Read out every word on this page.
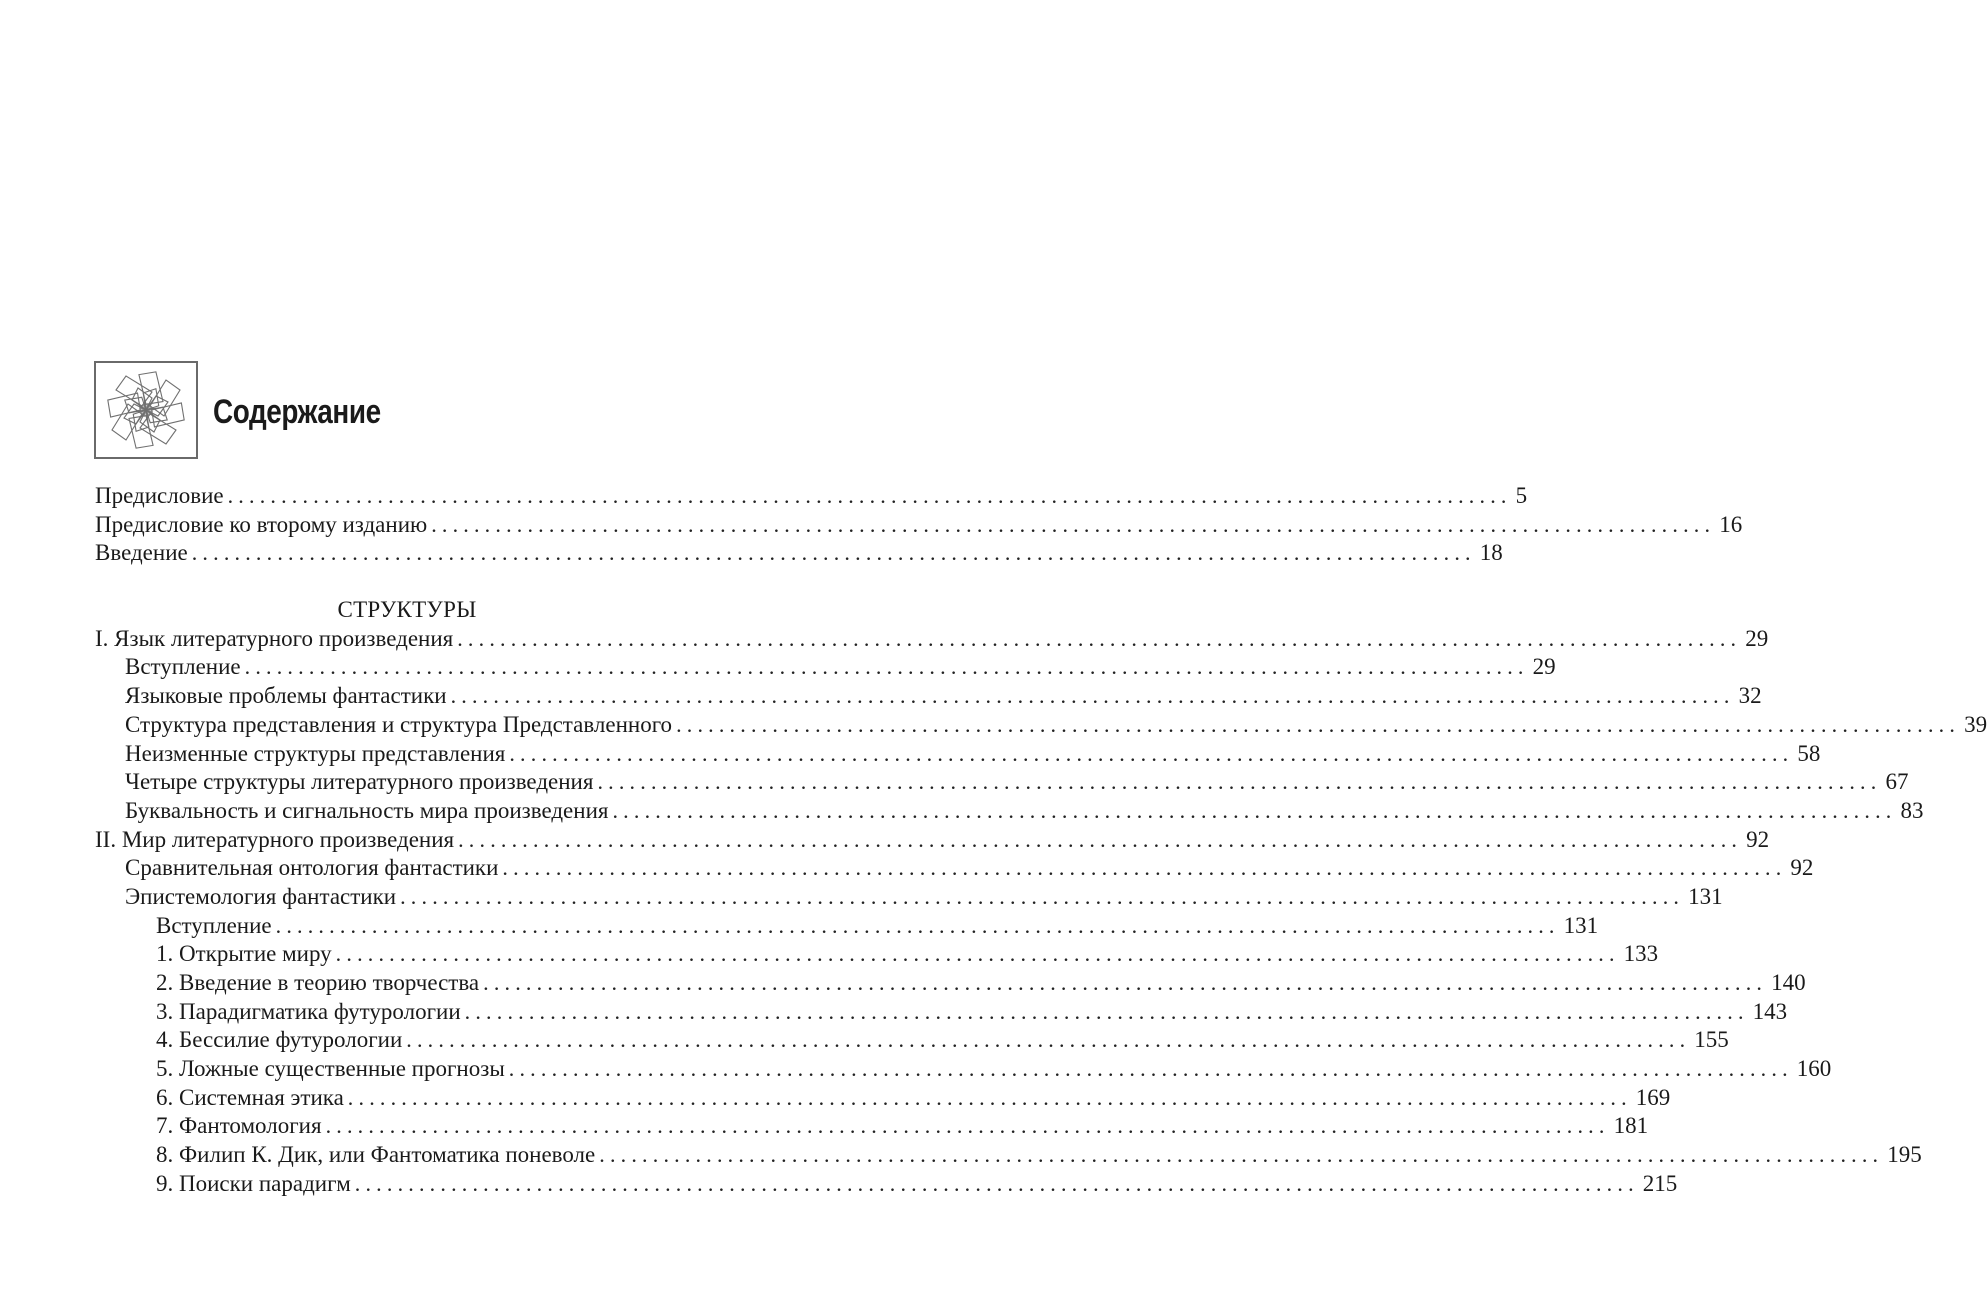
Содержание
Предисловие ........................................................................................................................ 5
Предисловие ко второму изданию ........................................................................................................................ 16
Введение ........................................................................................................................ 18
СТРУКТУРЫ
I. Язык литературного произведения ........................................................................................................................ 29
Вступление ........................................................................................................................ 29
Языковые проблемы фантастики ........................................................................................................................ 32
Структура представления и структура Представленного ........................................................................................................................ 39
Неизменные структуры представления ........................................................................................................................ 58
Четыре структуры литературного произведения ........................................................................................................................ 67
Буквальность и сигнальность мира произведения ........................................................................................................................ 83
II. Мир литературного произведения ........................................................................................................................ 92
Сравнительная онтология фантастики ........................................................................................................................ 92
Эпистемология фантастики ........................................................................................................................ 131
Вступление ........................................................................................................................ 131
1. Открытие миру ........................................................................................................................ 133
2. Введение в теорию творчества ........................................................................................................................ 140
3. Парадигматика футурологии ........................................................................................................................ 143
4. Бессилие футурологии ........................................................................................................................ 155
5. Ложные существенные прогнозы ........................................................................................................................ 160
6. Системная этика ........................................................................................................................ 169
7. Фантомология ........................................................................................................................ 181
8. Филип К. Дик, или Фантоматика поневоле ........................................................................................................................ 195
9. Поиски парадигм ........................................................................................................................ 215
